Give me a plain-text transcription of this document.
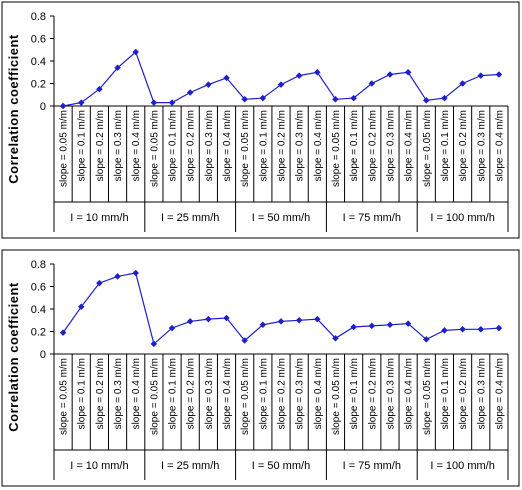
0
0.2
0.4
0.6
0.8
Correlation coefficient	slope = 0.05 m/m slope = 0.1 m/m slope = 0.2 m/m slope = 0.3 m/m slope = 0.4 m/m slope = 0.05 m/m slope = 0.1 m/m slope = 0.2 m/m slope = 0.3 m/m slope = 0.4 m/m slope = 0.05 m/m slope = 0.1 m/m slope = 0.2 m/m slope = 0.3 m/m slope = 0.4 m/m slope = 0.05 m/m slope = 0.1 m/m slope = 0.2 m/m slope = 0.3 m/m slope = 0.4 m/m slope = 0.05 m/m slope = 0.1 m/m slope = 0.2 m/m slope = 0.3 m/m slope = 0.4 m/m
I = 10 mm/h	I = 25 mm/h	I = 50 mm/h	I = 75 mm/h	I = 100 mm/h
0
0.2
0.4
0.6
0.8
Correlation coefficient	slope = 0.05 m/m slope = 0.1 m/m slope = 0.2 m/m slope = 0.3 m/m slope = 0.4 m/m slope = 0.05 m/m slope = 0.1 m/m slope = 0.2 m/m slope = 0.3 m/m slope = 0.4 m/m slope = 0.05 m/m slope = 0.1 m/m slope = 0.2 m/m slope = 0.3 m/m slope = 0.4 m/m slope = 0.05 m/m slope = 0.1 m/m slope = 0.2 m/m slope = 0.3 m/m slope = 0.4 m/m slope = 0.05 m/m slope = 0.1 m/m slope = 0.2 m/m slope = 0.3 m/m slope = 0.4 m/m
I = 10 mm/h	I = 25 mm/h	I = 50 mm/h	I = 75 mm/h	I = 100 mm/h
